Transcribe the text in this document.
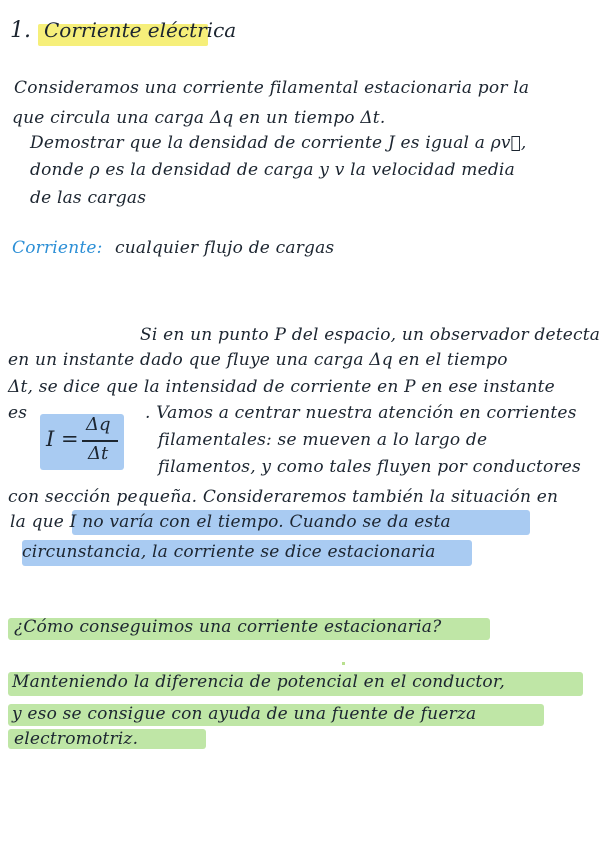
1. Corriente eléctrica
Consideramos una corriente filamental estacionaria por la
que circula una carga Δq en un tiempo Δt.
Demostrar que la densidad de corriente J es igual a ρv⃗,
donde ρ es la densidad de carga y v la velocidad media
de las cargas
Corriente: cualquier flujo de cargas
Si en un punto P del espacio, un observador detecta
en un instante dado que fluye una carga Δq en el tiempo
Δt, se dice que la intensidad de corriente en P en ese instante
es
I =
Δq
Δt
. Vamos a centrar nuestra atención en corrientes
filamentales: se mueven a lo largo de
filamentos, y como tales fluyen por conductores
con sección pequeña. Consideraremos también la situación en
la que I no varía con el tiempo. Cuando se da esta
circunstancia, la corriente se dice estacionaria
¿Cómo conseguimos una corriente estacionaria?
Manteniendo la diferencia de potencial en el conductor,
y eso se consigue con ayuda de una fuente de fuerza
electromotriz.
